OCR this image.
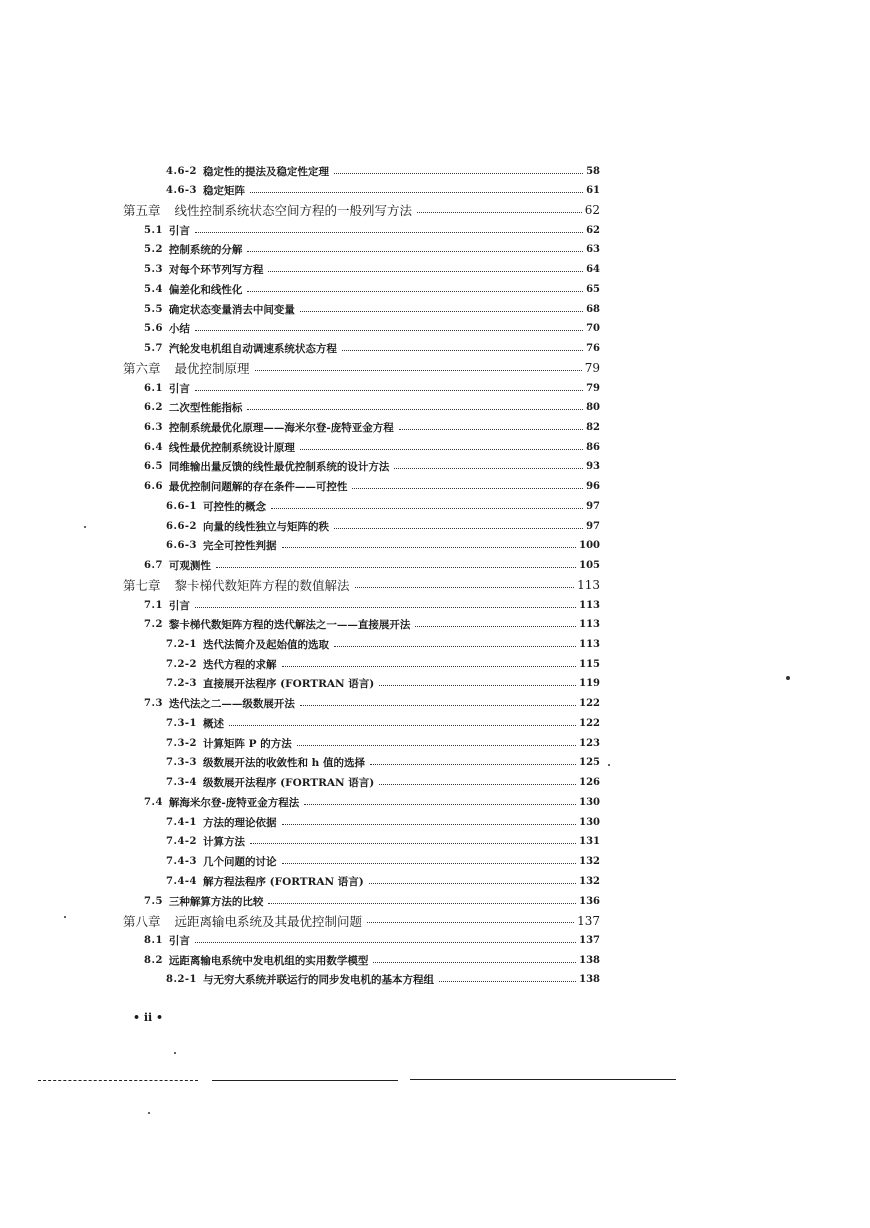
4.6-2 稳定性的提法及稳定性定理	58
4.6-3 稳定矩阵	61
第五章 线性控制系统状态空间方程的一般列写方法	62
5.1 引言	62
5.2 控制系统的分解	63
5.3 对每个环节列写方程	64
5.4 偏差化和线性化	65
5.5 确定状态变量消去中间变量	68
5.6 小结	70
5.7 汽轮发电机组自动调速系统状态方程	76
第六章 最优控制原理	79
6.1 引言	79
6.2 二次型性能指标	80
6.3 控制系统最优化原理——海米尔登-庞特亚金方程	82
6.4 线性最优控制系统设计原理	86
6.5 同维输出量反馈的线性最优控制系统的设计方法	93
6.6 最优控制问题解的存在条件——可控性	96
6.6-1 可控性的概念	97
6.6-2 向量的线性独立与矩阵的秩	97
6.6-3 完全可控性判据	100
6.7 可观测性	105
第七章 黎卡梯代数矩阵方程的数值解法	113
7.1 引言	113
7.2 黎卡梯代数矩阵方程的迭代解法之一——直接展开法	113
7.2-1 迭代法简介及起始值的选取	113
7.2-2 迭代方程的求解	115
7.2-3 直接展开法程序 (FORTRAN 语言)	119
7.3 迭代法之二——级数展开法	122
7.3-1 概述	122
7.3-2 计算矩阵 P 的方法	123
7.3-3 级数展开法的收敛性和 h 值的选择	125
7.3-4 级数展开法程序 (FORTRAN 语言)	126
7.4 解海米尔登-庞特亚金方程法	130
7.4-1 方法的理论依据	130
7.4-2 计算方法	131
7.4-3 几个问题的讨论	132
7.4-4 解方程法程序 (FORTRAN 语言)	132
7.5 三种解算方法的比较	136
第八章 远距离输电系统及其最优控制问题	137
8.1 引言	137
8.2 远距离输电系统中发电机组的实用数学模型	138
8.2-1 与无穷大系统并联运行的同步发电机的基本方程组	138
• ii •
